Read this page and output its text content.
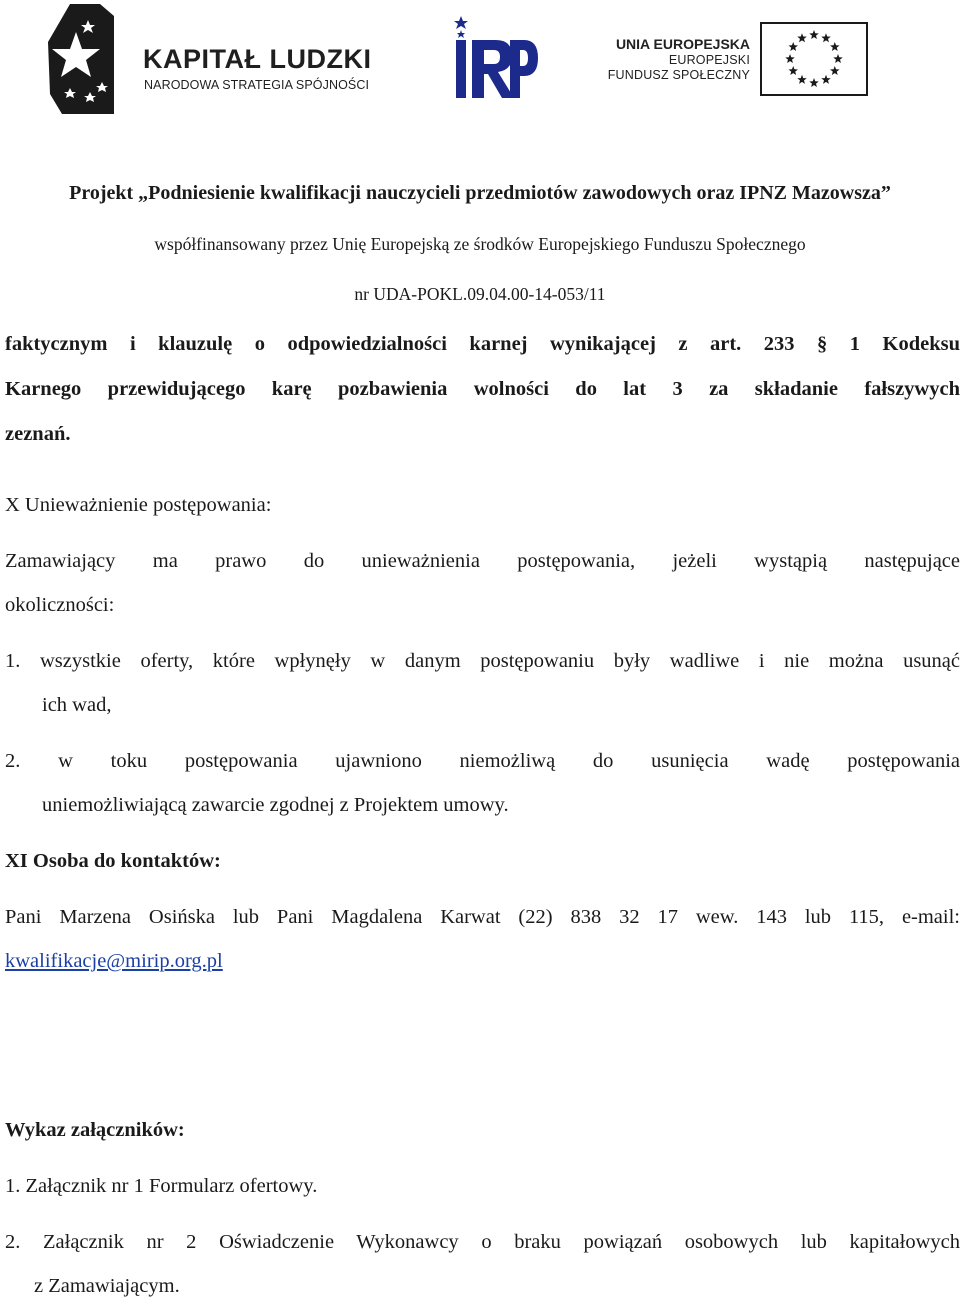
KAPITAŁ LUDZKI
NARODOWA STRATEGIA SPÓJNOŚCI
UNIA EUROPEJSKA
EUROPEJSKI
FUNDUSZ SPOŁECZNY
Projekt „Podniesienie kwalifikacji nauczycieli przedmiotów zawodowych oraz IPNZ Mazowsza”
współfinansowany przez Unię Europejską ze środków Europejskiego Funduszu Społecznego
nr UDA-POKL.09.04.00-14-053/11
faktycznym i klauzulę o odpowiedzialności karnej wynikającej z art. 233 § 1 Kodeksu
Karnego przewidującego karę pozbawienia wolności do lat 3 za składanie fałszywych
zeznań.
X Unieważnienie postępowania:
Zamawiający ma prawo do unieważnienia postępowania, jeżeli wystąpią następujące
okoliczności:
1. wszystkie oferty, które wpłynęły w danym postępowaniu były wadliwe i nie można usunąć
ich wad,
2. w toku postępowania ujawniono niemożliwą do usunięcia wadę postępowania
uniemożliwiającą zawarcie zgodnej z Projektem umowy.
XI Osoba do kontaktów:
Pani Marzena Osińska lub Pani Magdalena Karwat (22) 838 32 17 wew. 143 lub 115, e-mail:
kwalifikacje@mirip.org.pl
Wykaz załączników:
1. Załącznik nr 1 Formularz ofertowy.
2. Załącznik nr 2 Oświadczenie Wykonawcy o braku powiązań osobowych lub kapitałowych
z Zamawiającym.
